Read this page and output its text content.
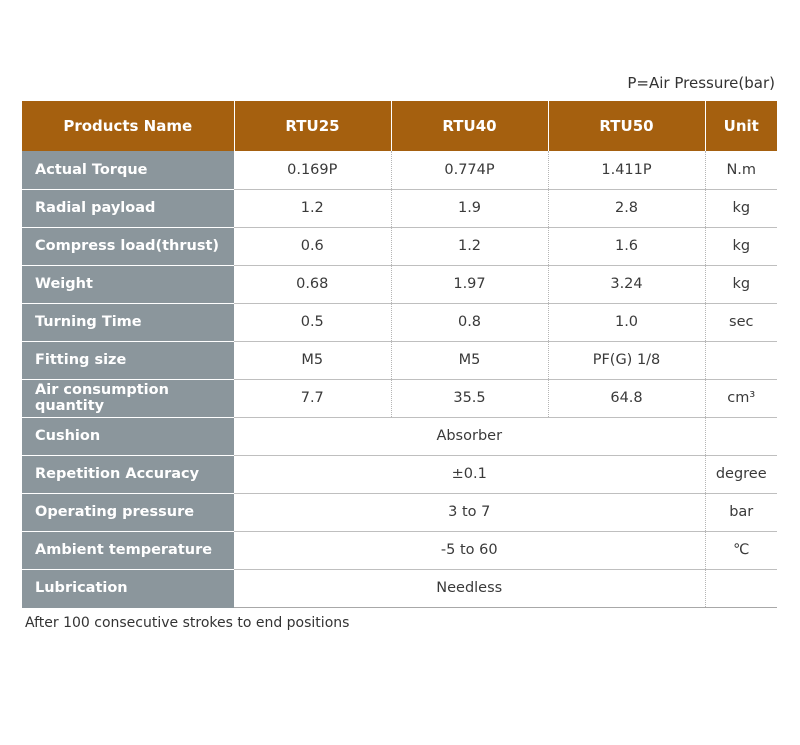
P=Air Pressure(bar)
Products Name	RTU25	RTU40	RTU50	Unit
Actual Torque	0.169P	0.774P	1.411P	N.m
Radial payload	1.2	1.9	2.8	kg
Compress load(thrust)	0.6	1.2	1.6	kg
Weight	0.68	1.97	3.24	kg
Turning Time	0.5	0.8	1.0	sec
Fitting size	M5	M5	PF(G) 1/8	
Air consumption quantity	7.7	35.5	64.8	cm³
Cushion	Absorber			
Repetition Accuracy	±0.1			degree
Operating pressure	3 to 7			bar
Ambient temperature	-5 to 60			℃
Lubrication	Needless			
After 100 consecutive strokes to end positions
